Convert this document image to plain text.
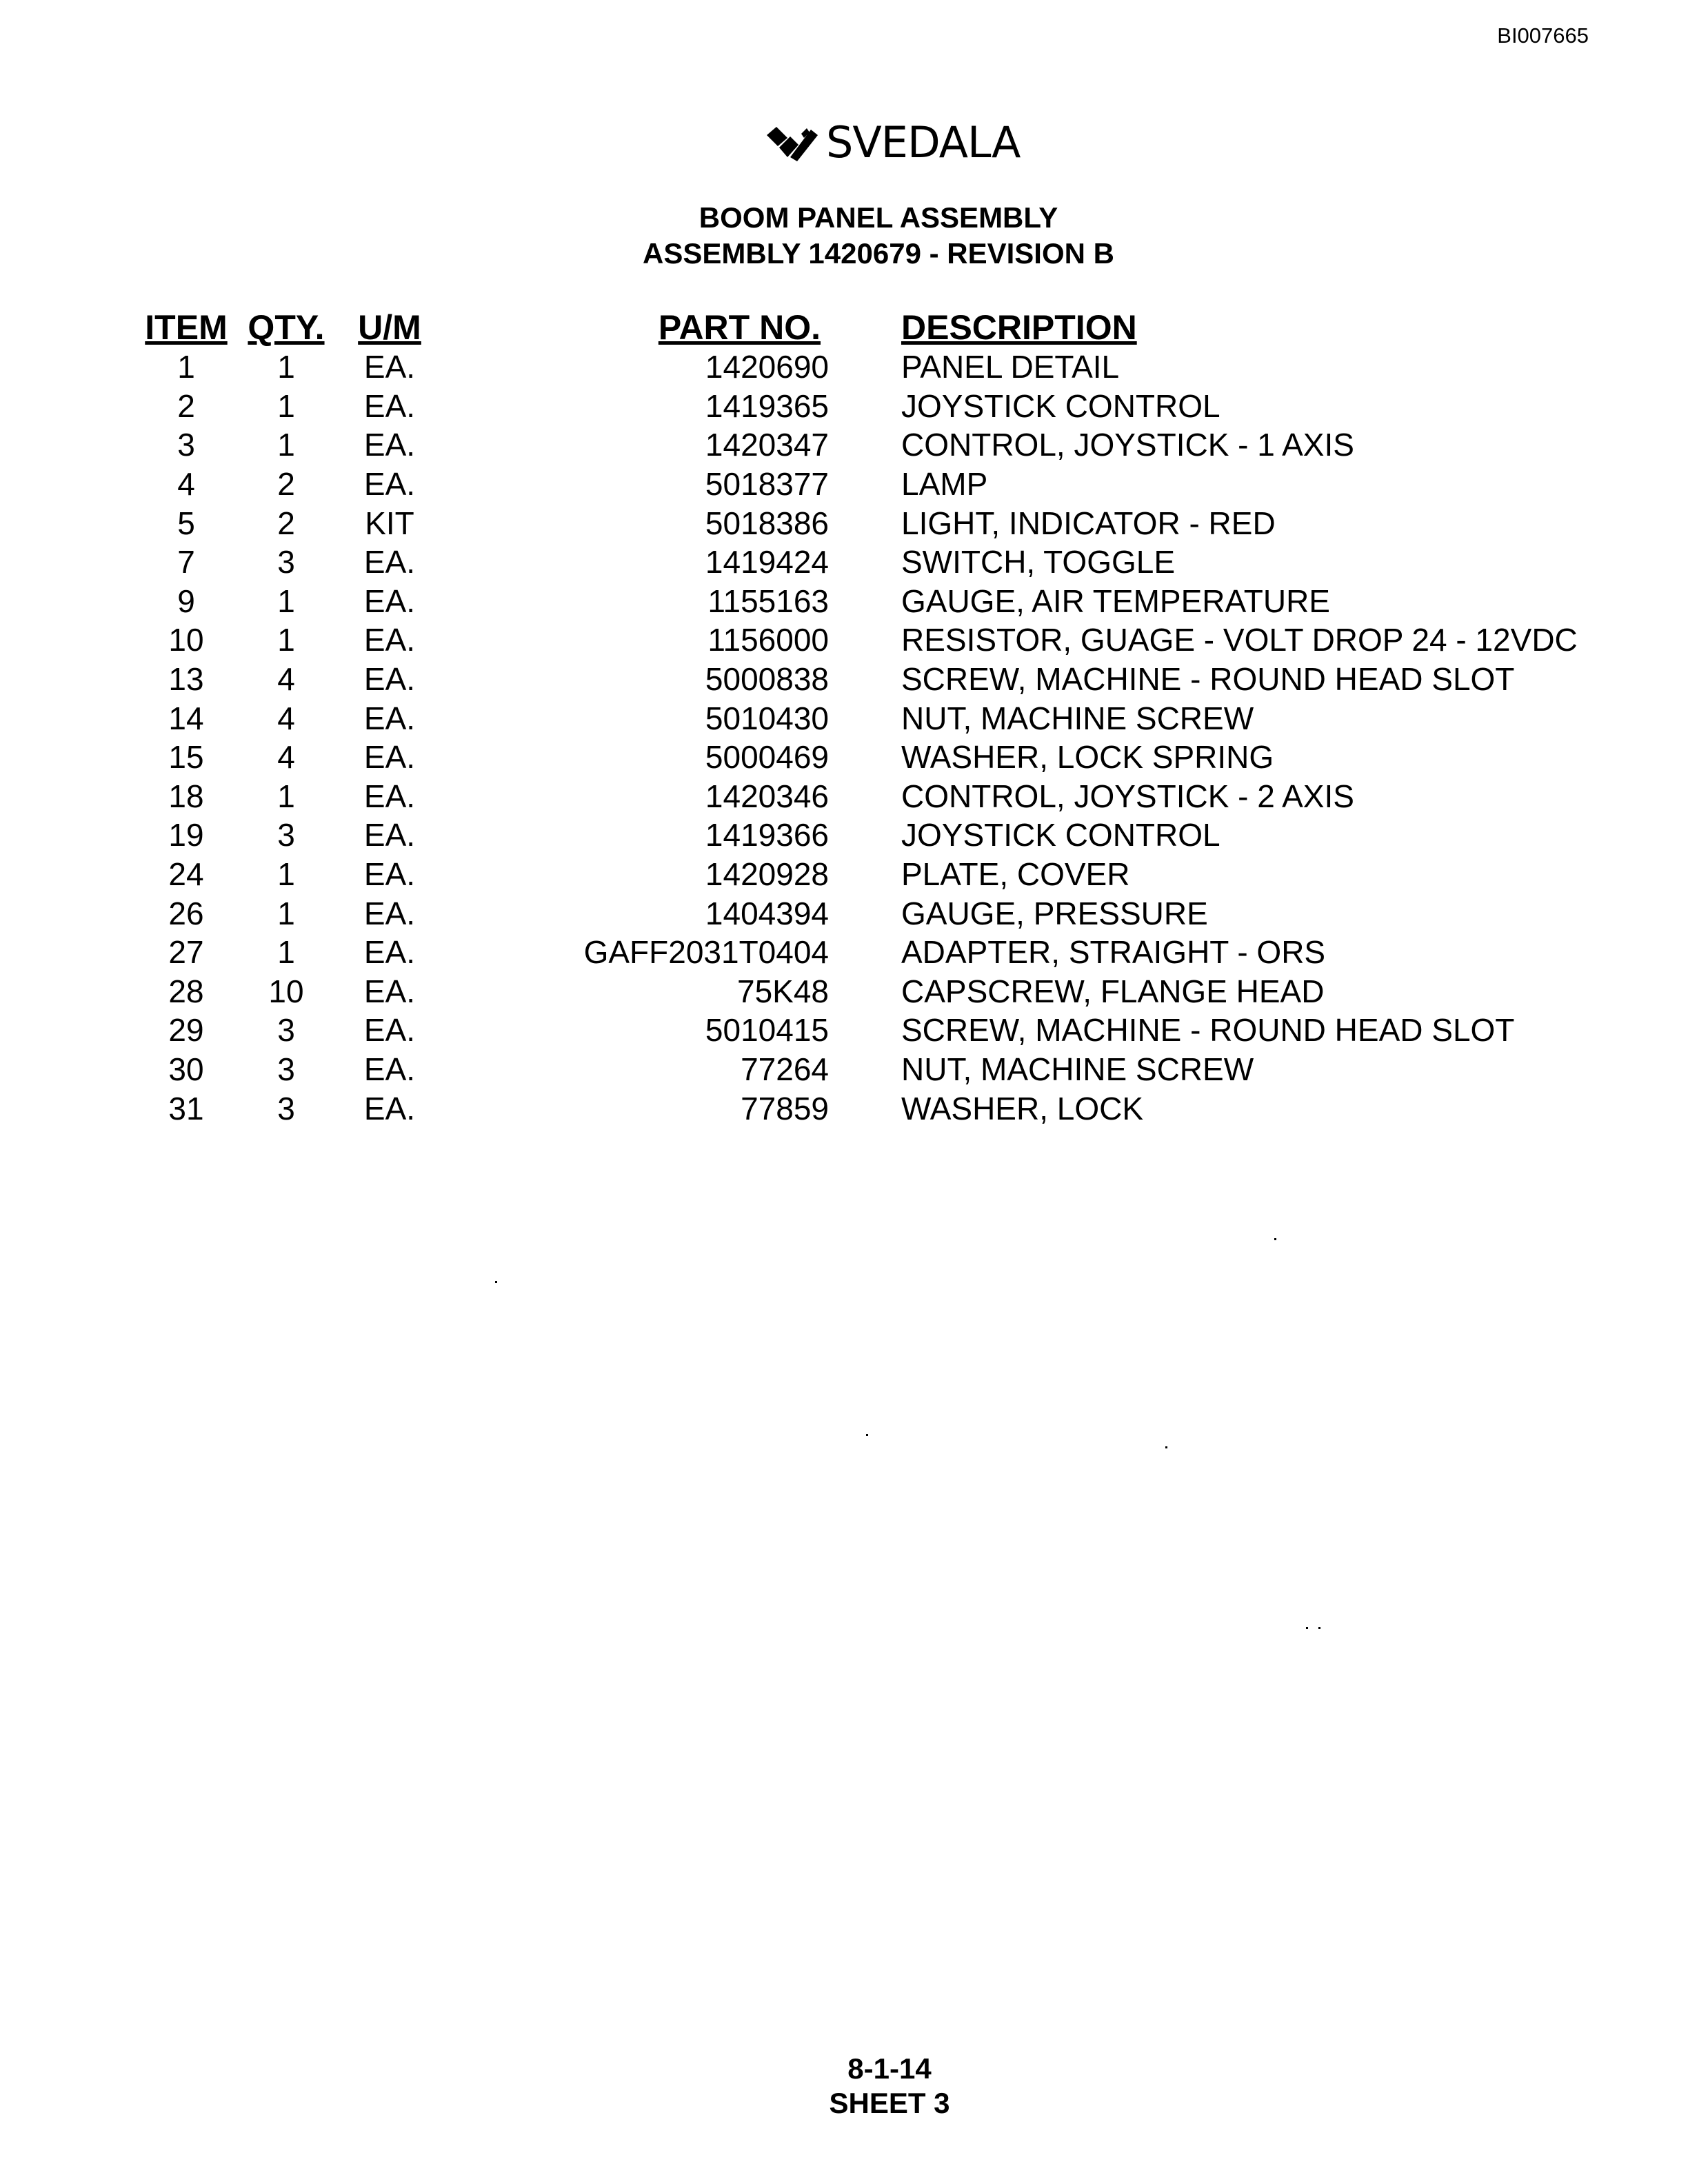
BI007665
SVEDALA
BOOM PANEL ASSEMBLY
ASSEMBLY 1420679 - REVISION B
ITEM	QTY.	U/M	PART NO.	DESCRIPTION
1	1	EA.	1420690	PANEL DETAIL
2	1	EA.	1419365	JOYSTICK CONTROL
3	1	EA.	1420347	CONTROL, JOYSTICK - 1 AXIS
4	2	EA.	5018377	LAMP
5	2	KIT	5018386	LIGHT, INDICATOR - RED
7	3	EA.	1419424	SWITCH, TOGGLE
9	1	EA.	1155163	GAUGE, AIR TEMPERATURE
10	1	EA.	1156000	RESISTOR, GUAGE - VOLT DROP 24 - 12VDC
13	4	EA.	5000838	SCREW, MACHINE - ROUND HEAD SLOT
14	4	EA.	5010430	NUT, MACHINE SCREW
15	4	EA.	5000469	WASHER, LOCK SPRING
18	1	EA.	1420346	CONTROL, JOYSTICK - 2 AXIS
19	3	EA.	1419366	JOYSTICK CONTROL
24	1	EA.	1420928	PLATE, COVER
26	1	EA.	1404394	GAUGE, PRESSURE
27	1	EA.	GAFF2031T0404	ADAPTER, STRAIGHT - ORS
28	10	EA.	75K48	CAPSCREW, FLANGE HEAD
29	3	EA.	5010415	SCREW, MACHINE - ROUND HEAD SLOT
30	3	EA.	77264	NUT, MACHINE SCREW
31	3	EA.	77859	WASHER, LOCK
8-1-14
SHEET 3
